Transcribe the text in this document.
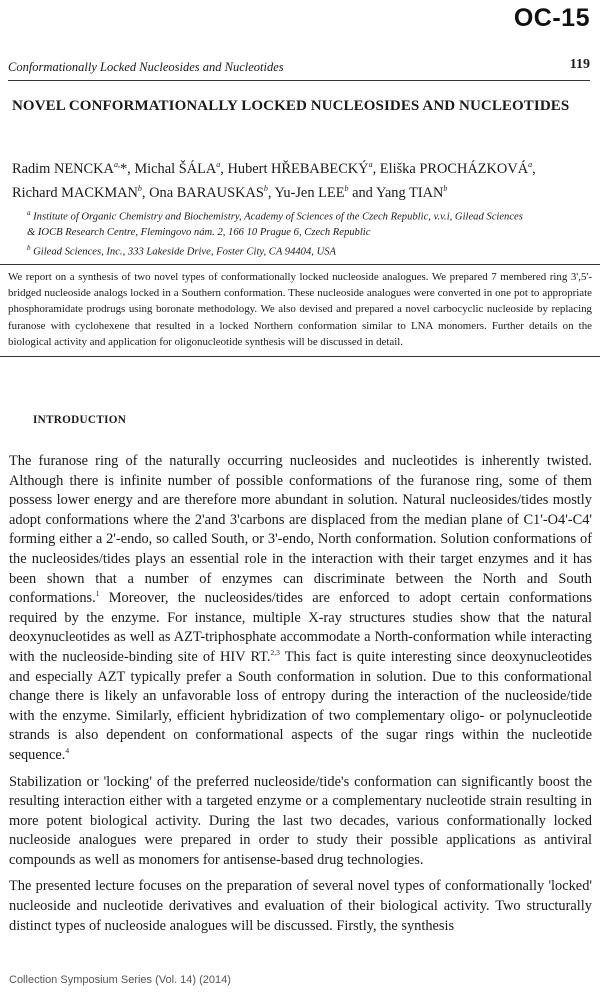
OC-15
Conformationally Locked Nucleosides and Nucleotides	119
NOVEL CONFORMATIONALLY LOCKED NUCLEOSIDES AND NUCLEOTIDES
Radim $NENCKA^{a,}*$, Michal ŠÁLA$^a$, Hubert HŘEBABECKÝ$^a$, Eliška PROCHÁZKOVÁ$^a$,
Richard MACKMAN$^b$, Ona BARAUSKAS$^b$, Yu-Jen LEE$^b$ and Yang TIAN$^b$
$^a$ Institute of Organic Chemistry and Biochemistry, Academy of Sciences of the Czech Republic, v.v.i, Gilead Sciences
& IOCB Research Centre, Flemingovo nám. 2, 166 10 Prague 6, Czech Republic
$^b$ Gilead Sciences, Inc., 333 Lakeside Drive, Foster City, CA 94404, USA
We report on a synthesis of two novel types of conformationally locked nucleoside analogues. We prepared 7 membered ring 3',5'-bridged nucleoside analogs locked in a Southern conformation. These nucleoside analogues were converted in one pot to appropriate phosphoramidate prodrugs using boronate methodology. We also devised and prepared a novel carbocyclic nucleoside by replacing furanose with cyclohexene that resulted in a locked Northern conformation similar to LNA monomers. Further details on the biological activity and application for oligonucleotide synthesis will be discussed in detail.
INTRODUCTION

The furanose ring of the naturally occurring nucleosides and nucleotides is inherently twisted. Although there is infinite number of possible conformations of the furanose ring, some of them possess lower energy and are therefore more abundant in solution. Natural nucleosides/tides mostly adopt conformations where the 2'and 3'carbons are displaced from the median plane of C1'-O4'-C4' forming either a 2'-endo, so called South, or 3'-endo, North conformation. Solution conformations of the nucleosides/tides plays an essential role in the interaction with their target enzymes and it has been shown that a number of enzymes can discriminate between the North and South conformations.$^1$ Moreover, the nucleosides/tides are enforced to adopt certain conformations required by the enzyme. For instance, multiple X-ray structures studies show that the natural deoxynucleotides as well as AZT-triphosphate accommodate a North-conformation while interacting with the nucleoside-binding site of HIV RT.$^{2,3}$ This fact is quite interesting since deoxynucleotides and especially AZT typically prefer a South conformation in solution. Due to this conformational change there is likely an unfavorable loss of entropy during the interaction of the nucleoside/tide with the enzyme. Similarly, efficient hybridization of two complementary oligo- or polynucleotide strands is also dependent on conformational aspects of the sugar rings within the nucleotide sequence.$^4$

Stabilization or 'locking' of the preferred nucleoside/tide's conformation can significantly boost the resulting interaction either with a targeted enzyme or a complementary nucleotide strain resulting in more potent biological activity. During the last two decades, various conformationally locked nucleoside analogues were prepared in order to study their possible applications as antiviral compounds as well as monomers for antisense-based drug technologies.

The presented lecture focuses on the preparation of several novel types of conformationally 'locked' nucleoside and nucleotide derivatives and evaluation of their biological activity. Two structurally distinct types of nucleoside analogues will be discussed. Firstly, the synthesis

Collection Symposium Series (Vol. 14) (2014)
